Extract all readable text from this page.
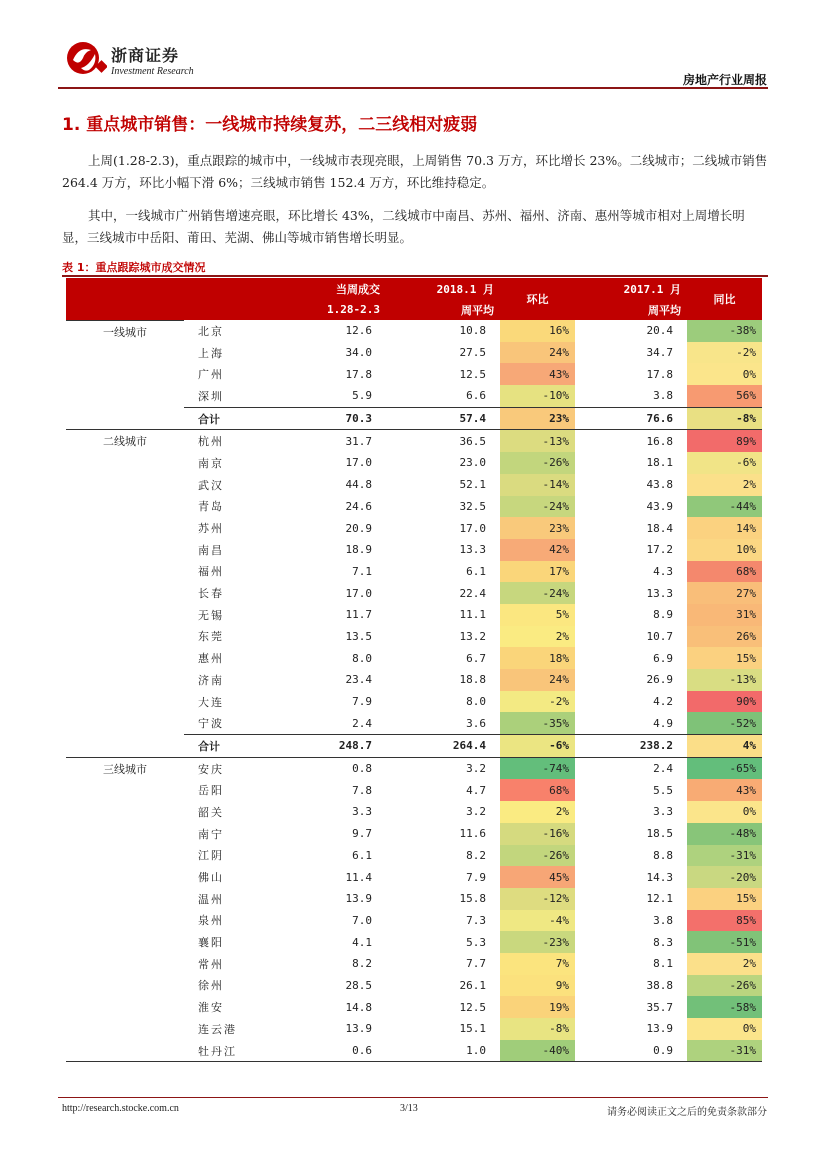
浙商证券
Investment Research
房地产行业周报
1. 重点城市销售：一线城市持续复苏，二三线相对疲弱
上周(1.28-2.3)，重点跟踪的城市中，一线城市表现亮眼，上周销售 70.3 万方，环比增长 23%。二线城市；二线城市销售 264.4 万方，环比小幅下滑 6%；三线城市销售 152.4 万方，环比维持稳定。
其中，一线城市广州销售增速亮眼，环比增长 43%，二线城市中南昌、苏州、福州、济南、惠州等城市相对上周增长明显，三线城市中岳阳、莆田、芜湖、佛山等城市销售增长明显。
表 1：重点跟踪城市成交情况
		当周成交	2018.1 月	环比	2017.1 月	同比
		1.28-2.3	周平均		周平均	
一线城市	北京	12.6	10.8	16%	20.4	-38%
	上海	34.0	27.5	24%	34.7	-2%
	广州	17.8	12.5	43%	17.8	0%
	深圳	5.9	6.6	-10%	3.8	56%
	合计	70.3	57.4	23%	76.6	-8%
二线城市	杭州	31.7	36.5	-13%	16.8	89%
	南京	17.0	23.0	-26%	18.1	-6%
	武汉	44.8	52.1	-14%	43.8	2%
	青岛	24.6	32.5	-24%	43.9	-44%
	苏州	20.9	17.0	23%	18.4	14%
	南昌	18.9	13.3	42%	17.2	10%
	福州	7.1	6.1	17%	4.3	68%
	长春	17.0	22.4	-24%	13.3	27%
	无锡	11.7	11.1	5%	8.9	31%
	东莞	13.5	13.2	2%	10.7	26%
	惠州	8.0	6.7	18%	6.9	15%
	济南	23.4	18.8	24%	26.9	-13%
	大连	7.9	8.0	-2%	4.2	90%
	宁波	2.4	3.6	-35%	4.9	-52%
	合计	248.7	264.4	-6%	238.2	4%
三线城市	安庆	0.8	3.2	-74%	2.4	-65%
	岳阳	7.8	4.7	68%	5.5	43%
	韶关	3.3	3.2	2%	3.3	0%
	南宁	9.7	11.6	-16%	18.5	-48%
	江阴	6.1	8.2	-26%	8.8	-31%
	佛山	11.4	7.9	45%	14.3	-20%
	温州	13.9	15.8	-12%	12.1	15%
	泉州	7.0	7.3	-4%	3.8	85%
	襄阳	4.1	5.3	-23%	8.3	-51%
	常州	8.2	7.7	7%	8.1	2%
	徐州	28.5	26.1	9%	38.8	-26%
	淮安	14.8	12.5	19%	35.7	-58%
	连云港	13.9	15.1	-8%	13.9	0%
	牡丹江	0.6	1.0	-40%	0.9	-31%
http://research.stocke.com.cn	3/13	请务必阅读正文之后的免责条款部分
